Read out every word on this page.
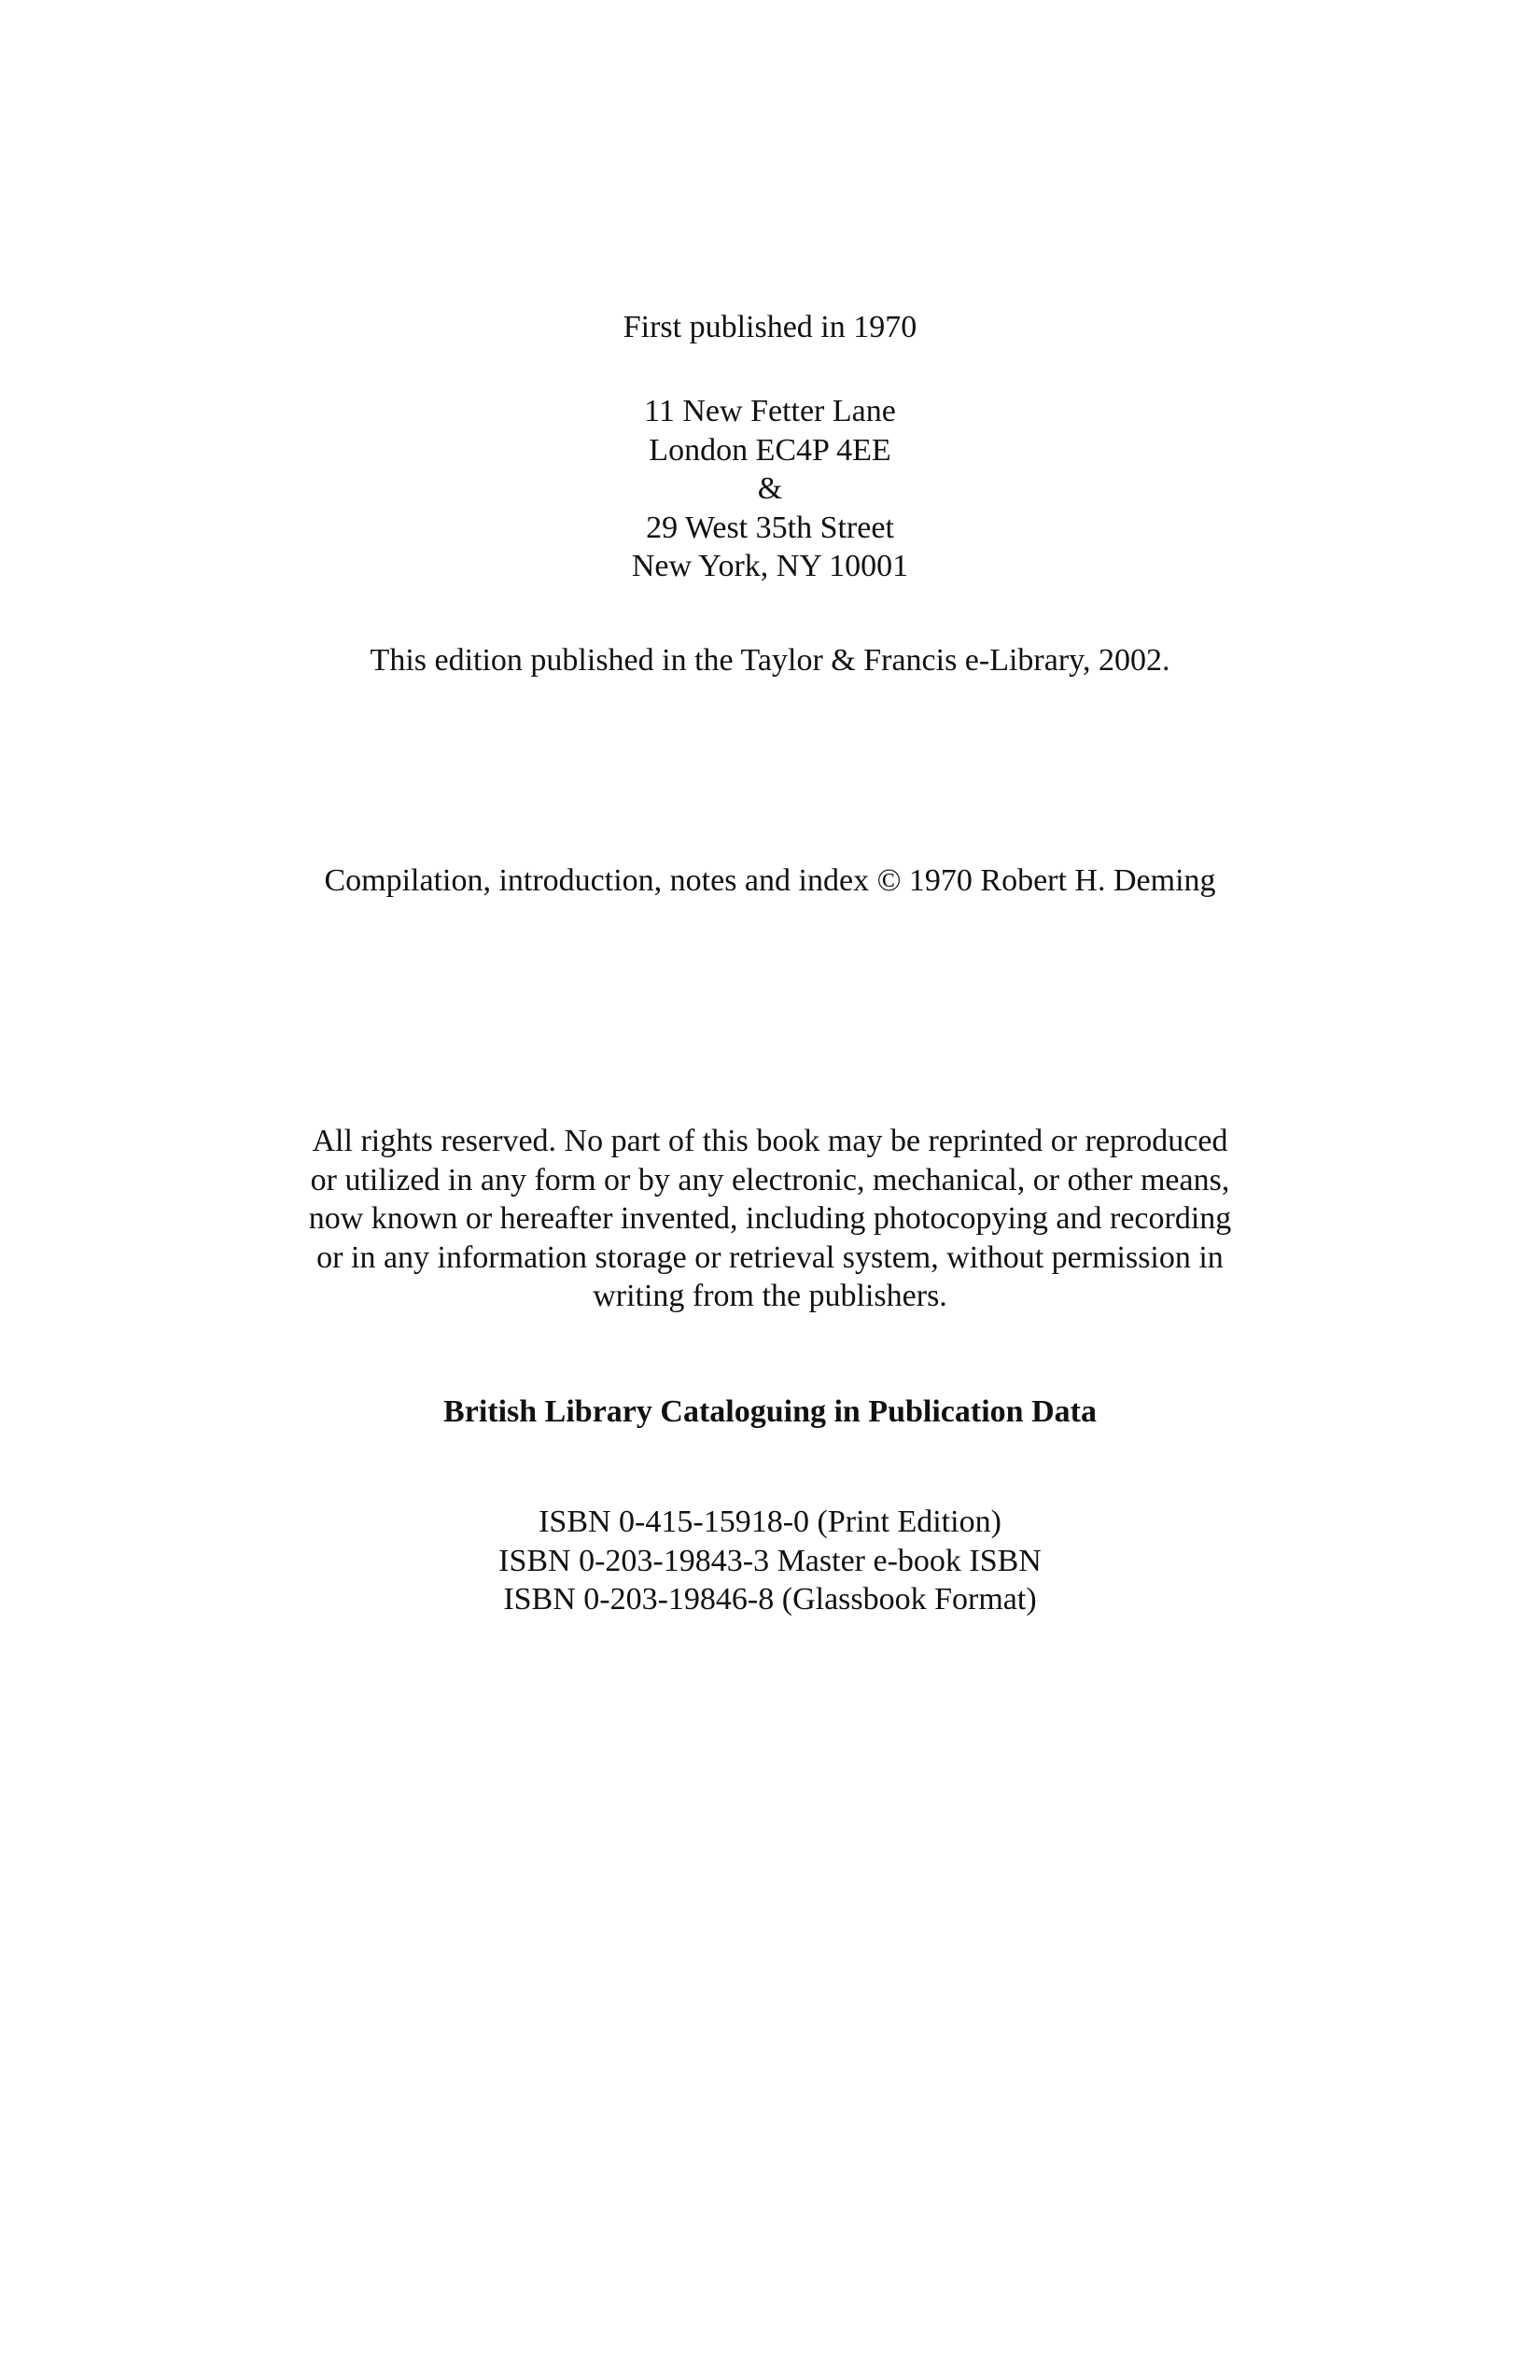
First published in 1970
11 New Fetter Lane
London EC4P 4EE
&
29 West 35th Street
New York, NY 10001
This edition published in the Taylor & Francis e-Library, 2002.
Compilation, introduction, notes and index © 1970 Robert H. Deming
All rights reserved. No part of this book may be reprinted or reproduced
or utilized in any form or by any electronic, mechanical, or other means,
now known or hereafter invented, including photocopying and recording
or in any information storage or retrieval system, without permission in
writing from the publishers.
British Library Cataloguing in Publication Data
ISBN 0-415-15918-0 (Print Edition)
ISBN 0-203-19843-3 Master e-book ISBN
ISBN 0-203-19846-8 (Glassbook Format)
